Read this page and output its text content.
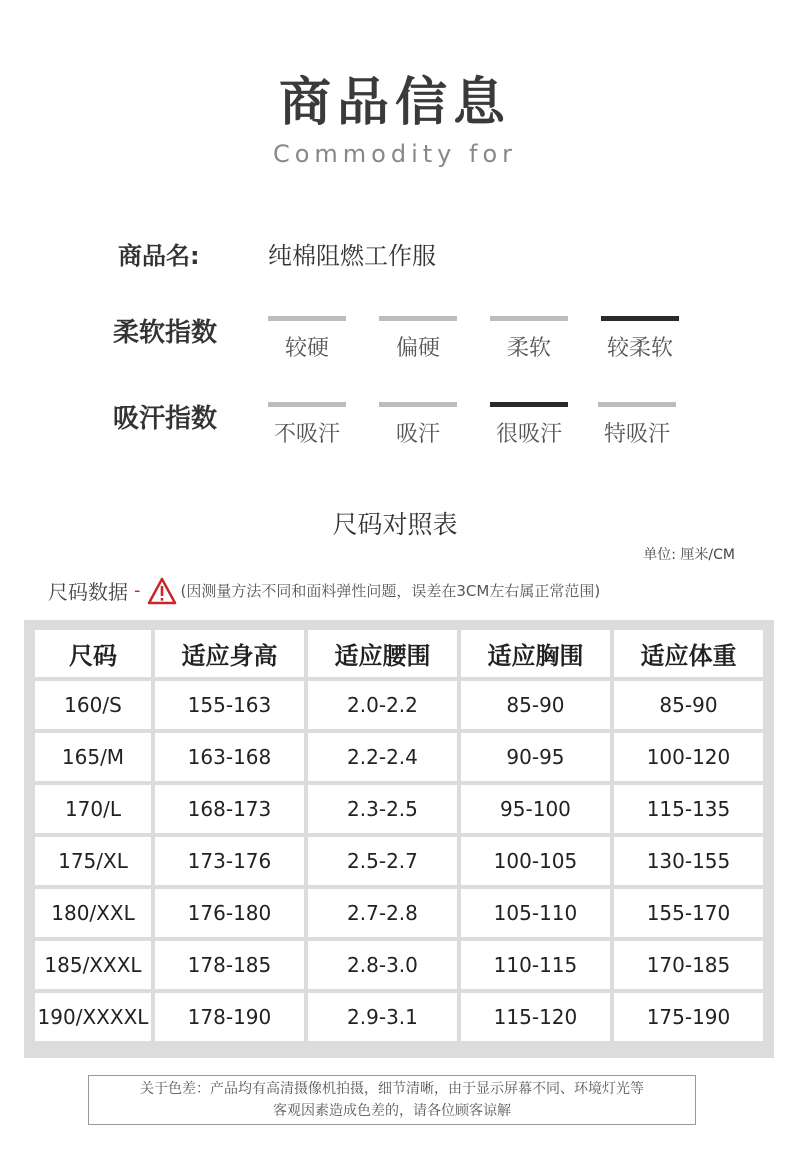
商品信息
Commodity for
商品名:	纯棉阻燃工作服
柔软指数
较硬	偏硬	柔软	较柔软
吸汗指数
不吸汗	吸汗	很吸汗	特吸汗
尺码对照表
单位: 厘米/CM
尺码数据 -	(因测量方法不同和面料弹性问题，误差在3CM左右属正常范围)
尺码	适应身高	适应腰围	适应胸围	适应体重
160/S	155-163	2.0-2.2	85-90	85-90
165/M	163-168	2.2-2.4	90-95	100-120
170/L	168-173	2.3-2.5	95-100	115-135
175/XL	173-176	2.5-2.7	100-105	130-155
180/XXL	176-180	2.7-2.8	105-110	155-170
185/XXXL	178-185	2.8-3.0	110-115	170-185
190/XXXXL	178-190	2.9-3.1	115-120	175-190
关于色差：产品均有高清摄像机拍摄，细节清晰，由于显示屏幕不同、环境灯光等
客观因素造成色差的，请各位顾客谅解
